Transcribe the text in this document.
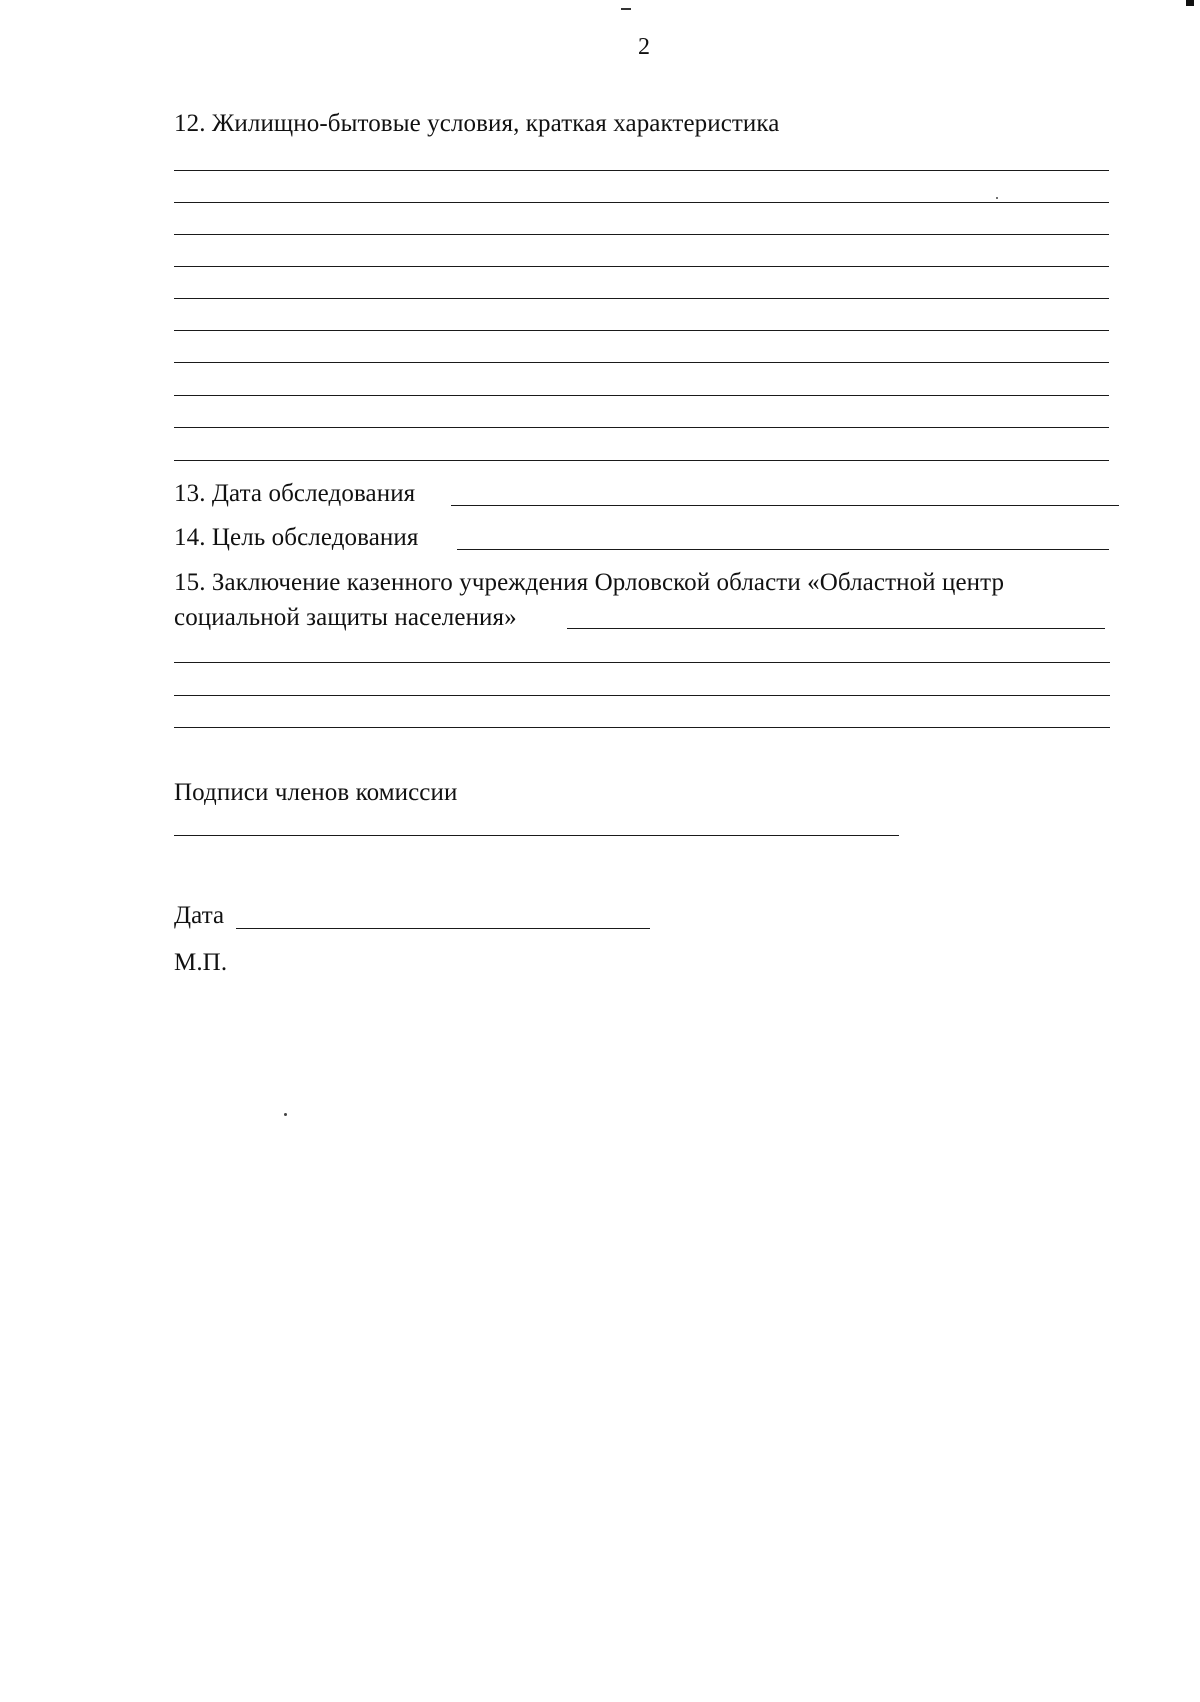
2
12. Жилищно-бытовые условия, краткая характеристика
13. Дата обследования
14. Цель обследования
15. Заключение казенного учреждения Орловской области «Областной центр
социальной защиты населения»
Подписи членов комиссии
Дата
М.П.
